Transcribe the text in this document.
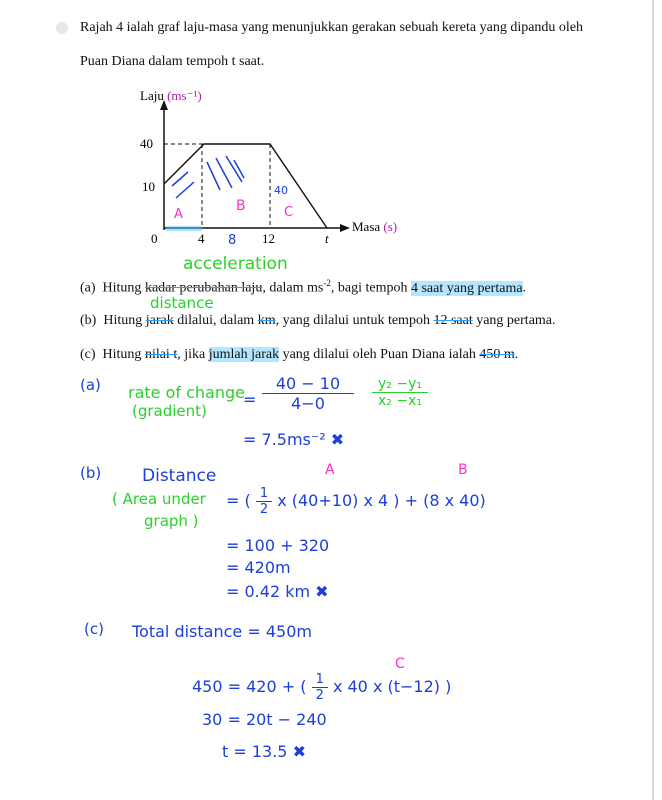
Rajah 4 ialah graf laju-masa yang menunjukkan gerakan sebuah kereta yang dipandu oleh
Puan Diana dalam tempoh t saat.
40
10
0	4	12	t
Laju (ms⁻¹)
Masa (s)
A
B	C
40
8
acceleration
(a) Hitung kadar perubahan laju, dalam $ms^{-2}$, bagi tempoh 4 saat yang pertama.
distance
(b) Hitung jarak dilalui, dalam km, yang dilalui untuk tempoh 12 saat yang pertama.
(c) Hitung nilai t, jika jumlah jarak yang dilalui oleh Puan Diana ialah 450 m.
(a) rate of change
(gradient)
= $\frac{40 - 10}{4-0} \frac{\text{y₂ −y₁}}{\text{x₂ −x₁}}$
= 7.5ms⁻² ✖
(b) Distance
( Area under
graph )
A	B
= ( $\frac{1}{2}$ x (40+10) x 4 ) + (8 x 40)
= 100 + 320
= 420m
= 0.42 km ✖
(c) Total distance = 450m
C
450 = 420 + ( $\frac{1}{2}$ x 40 x (t−12) )
30 = 20t − 240
t = 13.5 ✖
